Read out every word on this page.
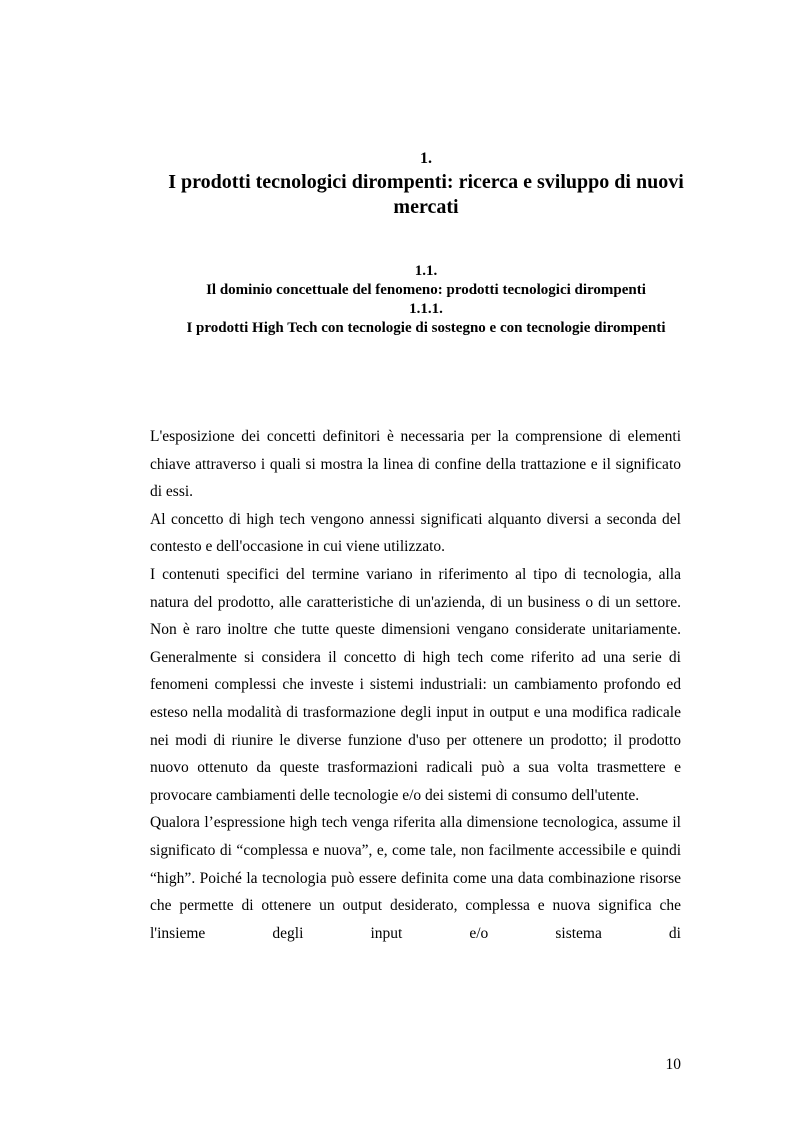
1.
I prodotti tecnologici dirompenti: ricerca e sviluppo di nuovi mercati
1.1.
Il dominio concettuale del fenomeno: prodotti tecnologici dirompenti
1.1.1.
I prodotti High Tech con tecnologie di sostegno e con tecnologie dirompenti

L'esposizione dei concetti definitori è necessaria per la comprensione di elementi chiave attraverso i quali si mostra la linea di confine della trattazione e il significato di essi.

Al concetto di high tech vengono annessi significati alquanto diversi a seconda del contesto e dell'occasione in cui viene utilizzato.

I contenuti specifici del termine variano in riferimento al tipo di tecnologia, alla natura del prodotto, alle caratteristiche di un'azienda, di un business o di un settore. Non è raro inoltre che tutte queste dimensioni vengano considerate unitariamente. Generalmente si considera il concetto di high tech come riferito ad una serie di fenomeni complessi che investe i sistemi industriali: un cambiamento profondo ed esteso nella modalità di trasformazione degli input in output e una modifica radicale nei modi di riunire le diverse funzione d'uso per ottenere un prodotto; il prodotto nuovo ottenuto da queste trasformazioni radicali può a sua volta trasmettere e provocare cambiamenti delle tecnologie e/o dei sistemi di consumo dell'utente.

Qualora l’espressione high tech venga riferita alla dimensione tecnologica, assume il significato di “complessa e nuova”, e, come tale, non facilmente accessibile e quindi “high”. Poiché la tecnologia può essere definita come una data combinazione risorse che permette di ottenere un output desiderato, complessa e nuova significa che l'insieme degli input e/o sistema di

10
